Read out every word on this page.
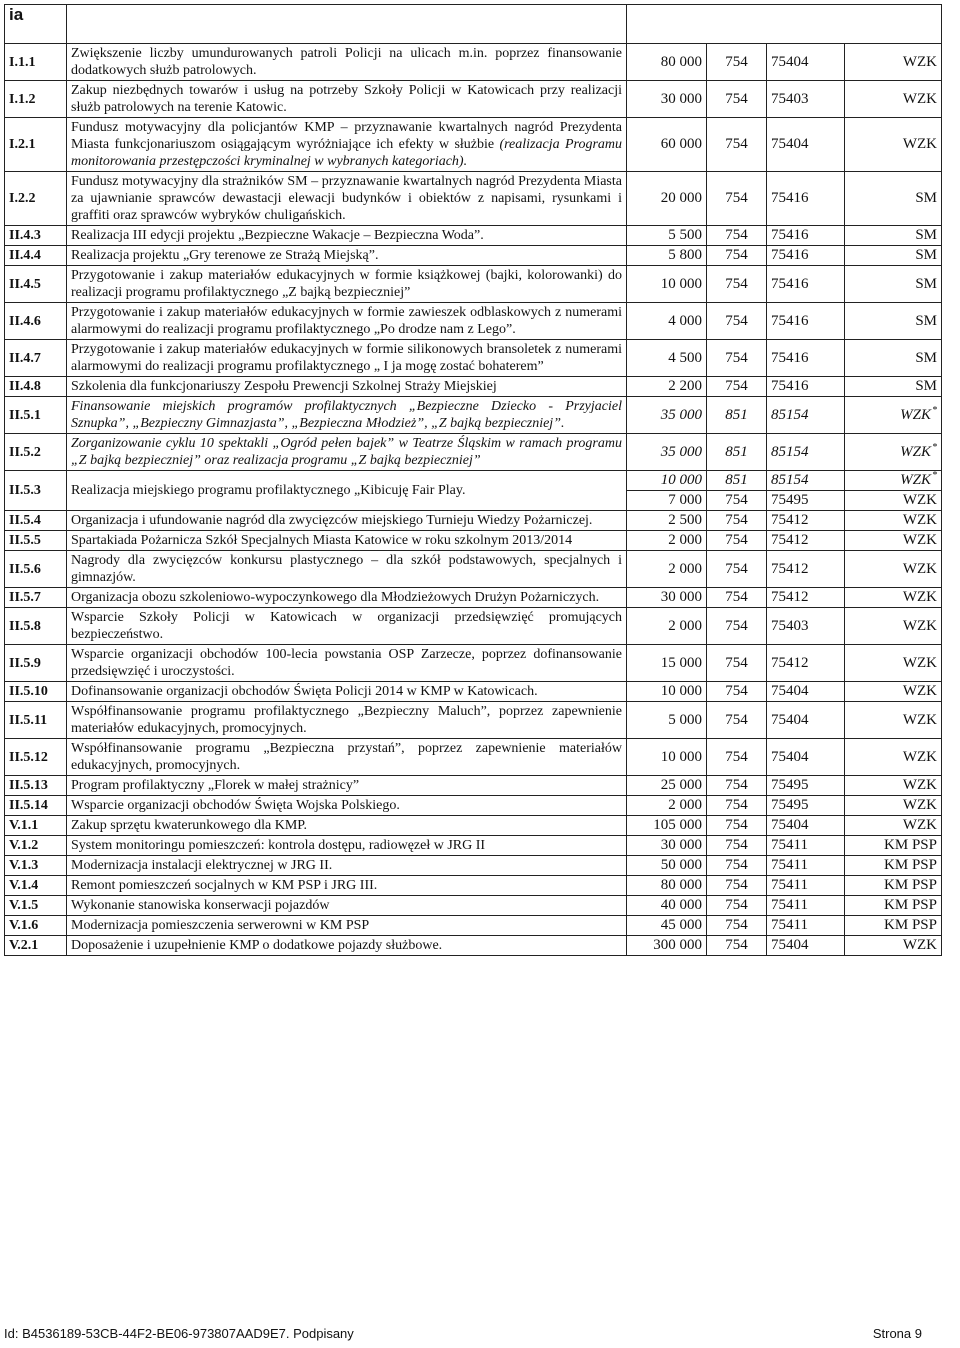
ia					
I.1.1	Zwiększenie liczby umundurowanych patroli Policji na ulicach m.in. poprzez finansowanie dodatkowych służb patrolowych.	80 000	754	75404	WZK
I.1.2	Zakup niezbędnych towarów i usług na potrzeby Szkoły Policji w Katowicach przy realizacji służb patrolowych na terenie Katowic.	30 000	754	75403	WZK
I.2.1	Fundusz motywacyjny dla policjantów KMP – przyznawanie kwartalnych nagród Prezydenta Miasta funkcjonariuszom osiągającym wyróżniające ich efekty w służbie (realizacja Programu monitorowania przestępczości kryminalnej w wybranych kategoriach).	60 000	754	75404	WZK
I.2.2	Fundusz motywacyjny dla strażników SM – przyznawanie kwartalnych nagród Prezydenta Miasta za ujawnianie sprawców dewastacji elewacji budynków i obiektów z napisami, rysunkami i graffiti oraz sprawców wybryków chuligańskich.	20 000	754	75416	SM
II.4.3	Realizacja III edycji projektu „Bezpieczne Wakacje – Bezpieczna Woda”.	5 500	754	75416	SM
II.4.4	Realizacja projektu „Gry terenowe ze Strażą Miejską”.	5 800	754	75416	SM
II.4.5	Przygotowanie i zakup materiałów edukacyjnych w formie książkowej (bajki, kolorowanki) do realizacji programu profilaktycznego „Z bajką bezpieczniej”	10 000	754	75416	SM
II.4.6	Przygotowanie i zakup materiałów edukacyjnych w formie zawieszek odblaskowych z numerami alarmowymi do realizacji programu profilaktycznego „Po drodze nam z Lego”.	4 000	754	75416	SM
II.4.7	Przygotowanie i zakup materiałów edukacyjnych w formie silikonowych bransoletek z numerami alarmowymi do realizacji programu profilaktycznego „ I ja mogę zostać bohaterem”	4 500	754	75416	SM
II.4.8	Szkolenia dla funkcjonariuszy Zespołu Prewencji Szkolnej Straży Miejskiej	2 200	754	75416	SM
II.5.1	Finansowanie miejskich programów profilaktycznych „Bezpieczne Dziecko - Przyjaciel Sznupka”, „Bezpieczny Gimnazjasta”, „Bezpieczna Młodzież”, „Z bajką bezpieczniej”.	35 000	851	85154	WZK*
II.5.2	Zorganizowanie cyklu 10 spektakli „Ogród pełen bajek” w Teatrze Śląskim w ramach programu „Z bajką bezpieczniej” oraz realizacja programu „Z bajką bezpieczniej”	35 000	851	85154	WZK*
II.5.3	Realizacja miejskiego programu profilaktycznego „Kibicuję Fair Play.	10 000	851	85154	WZK*
		7 000	754	75495	WZK
II.5.4	Organizacja i ufundowanie nagród dla zwycięzców miejskiego Turnieju Wiedzy Pożarniczej.	2 500	754	75412	WZK
II.5.5	Spartakiada Pożarnicza Szkół Specjalnych Miasta Katowice w roku szkolnym 2013/2014	2 000	754	75412	WZK
II.5.6	Nagrody dla zwycięzców konkursu plastycznego – dla szkół podstawowych, specjalnych i gimnazjów.	2 000	754	75412	WZK
II.5.7	Organizacja obozu szkoleniowo-wypoczynkowego dla Młodzieżowych Drużyn Pożarniczych.	30 000	754	75412	WZK
II.5.8	Wsparcie Szkoły Policji w Katowicach w organizacji przedsięwzięć promujących bezpieczeństwo.	2 000	754	75403	WZK
II.5.9	Wsparcie organizacji obchodów 100-lecia powstania OSP Zarzecze, poprzez dofinansowanie przedsięwzięć i uroczystości.	15 000	754	75412	WZK
II.5.10	Dofinansowanie organizacji obchodów Święta Policji 2014 w KMP w Katowicach.	10 000	754	75404	WZK
II.5.11	Współfinansowanie programu profilaktycznego „Bezpieczny Maluch”, poprzez zapewnienie materiałów edukacyjnych, promocyjnych.	5 000	754	75404	WZK
II.5.12	Współfinansowanie programu „Bezpieczna przystań”, poprzez zapewnienie materiałów edukacyjnych, promocyjnych.	10 000	754	75404	WZK
II.5.13	Program profilaktyczny „Florek w małej strażnicy”	25 000	754	75495	WZK
II.5.14	Wsparcie organizacji obchodów Święta Wojska Polskiego.	2 000	754	75495	WZK
V.1.1	Zakup sprzętu kwaterunkowego dla KMP.	105 000	754	75404	WZK
V.1.2	System monitoringu pomieszczeń: kontrola dostępu, radiowęzeł w JRG II	30 000	754	75411	KM PSP
V.1.3	Modernizacja instalacji elektrycznej w JRG II.	50 000	754	75411	KM PSP
V.1.4	Remont pomieszczeń socjalnych w KM PSP i JRG III.	80 000	754	75411	KM PSP
V.1.5	Wykonanie stanowiska konserwacji pojazdów	40 000	754	75411	KM PSP
V.1.6	Modernizacja pomieszczenia serwerowni w KM PSP	45 000	754	75411	KM PSP
V.2.1	Doposażenie i uzupełnienie KMP o dodatkowe pojazdy służbowe.	300 000	754	75404	WZK
Id: B4536189-53CB-44F2-BE06-973807AAD9E7. Podpisany	Strona 9
